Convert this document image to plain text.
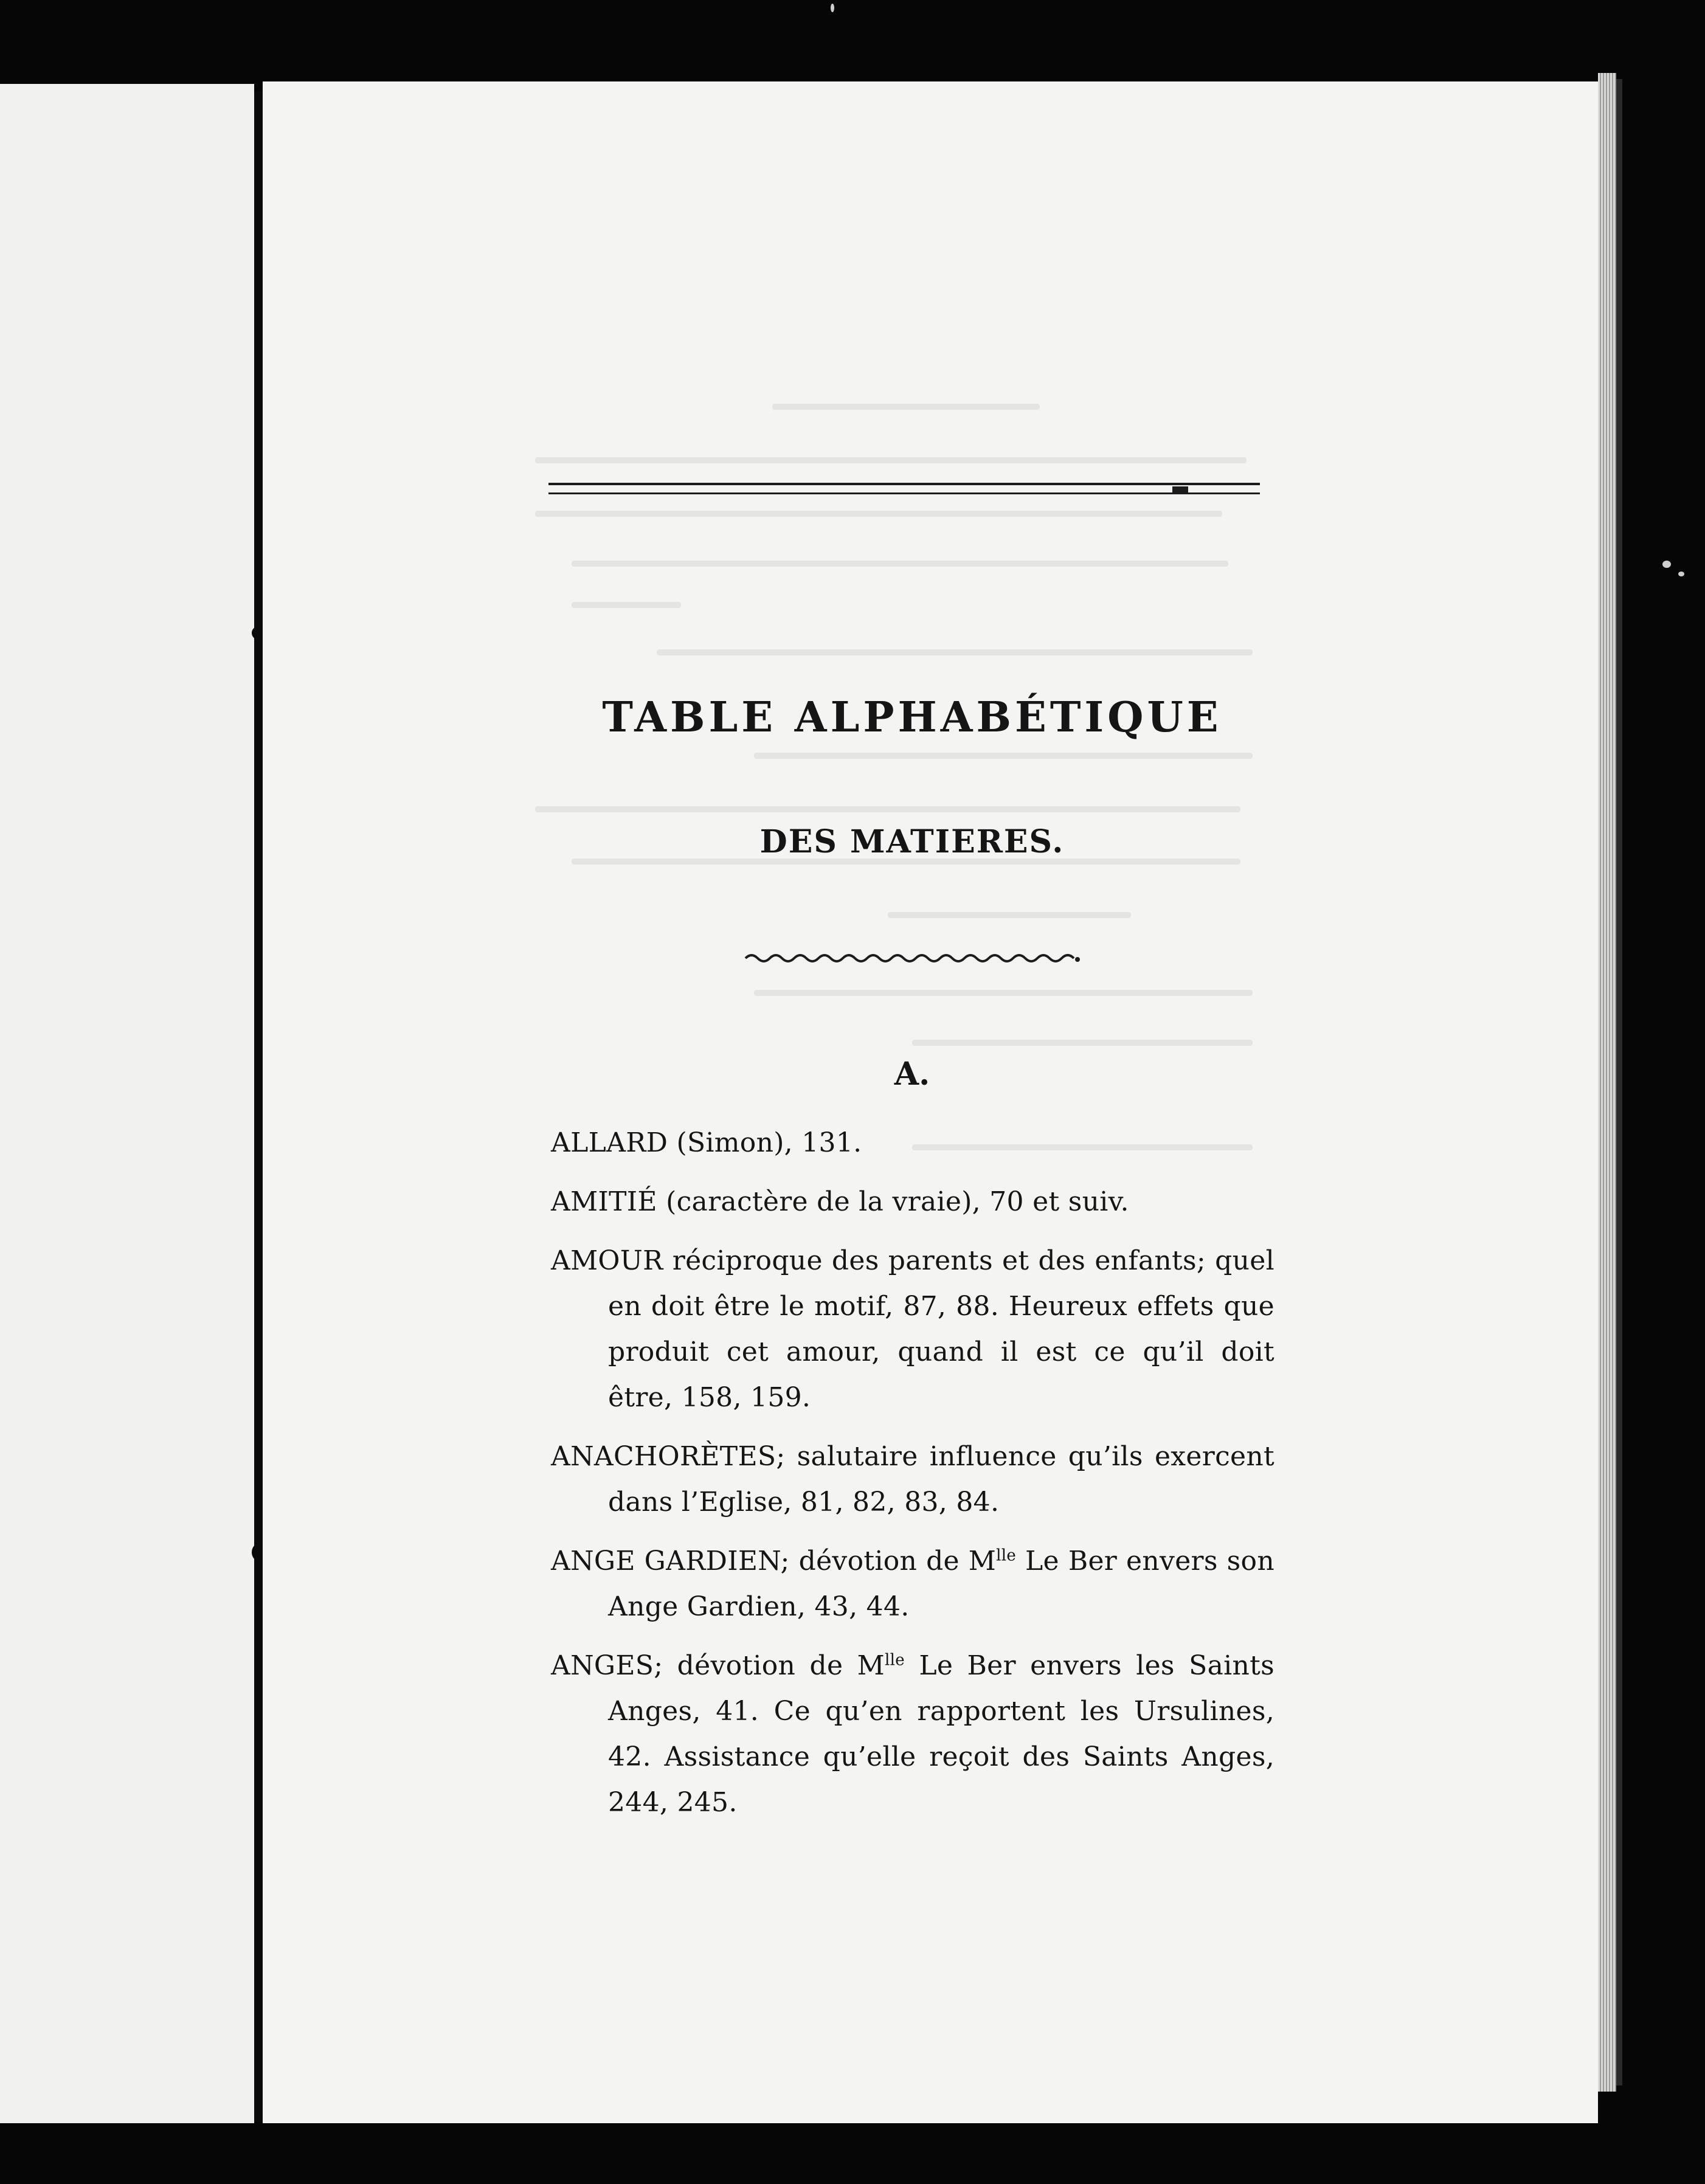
TABLE ALPHABÉTIQUE
DES MATIERES.
A.
ALLARD (Simon), 131.
AMITIÉ (caractère de la vraie), 70 et suiv.
AMOUR réciproque des parents et des enfants; quel en doit être le motif, 87, 88. Heureux effets que produit cet amour, quand il est ce qu’il doit être, 158, 159.
ANACHORÈTES; salutaire influence qu’ils exercent dans l’Eglise, 81, 82, 83, 84.
ANGE GARDIEN; dévotion de $M^{lle}$ Le Ber envers son Ange Gardien, 43, 44.
ANGES; dévotion de $M^{lle}$ Le Ber envers les Saints Anges, 41. Ce qu’en rapportent les Ursulines, 42. Assistance qu’elle reçoit des Saints Anges, 244, 245.
